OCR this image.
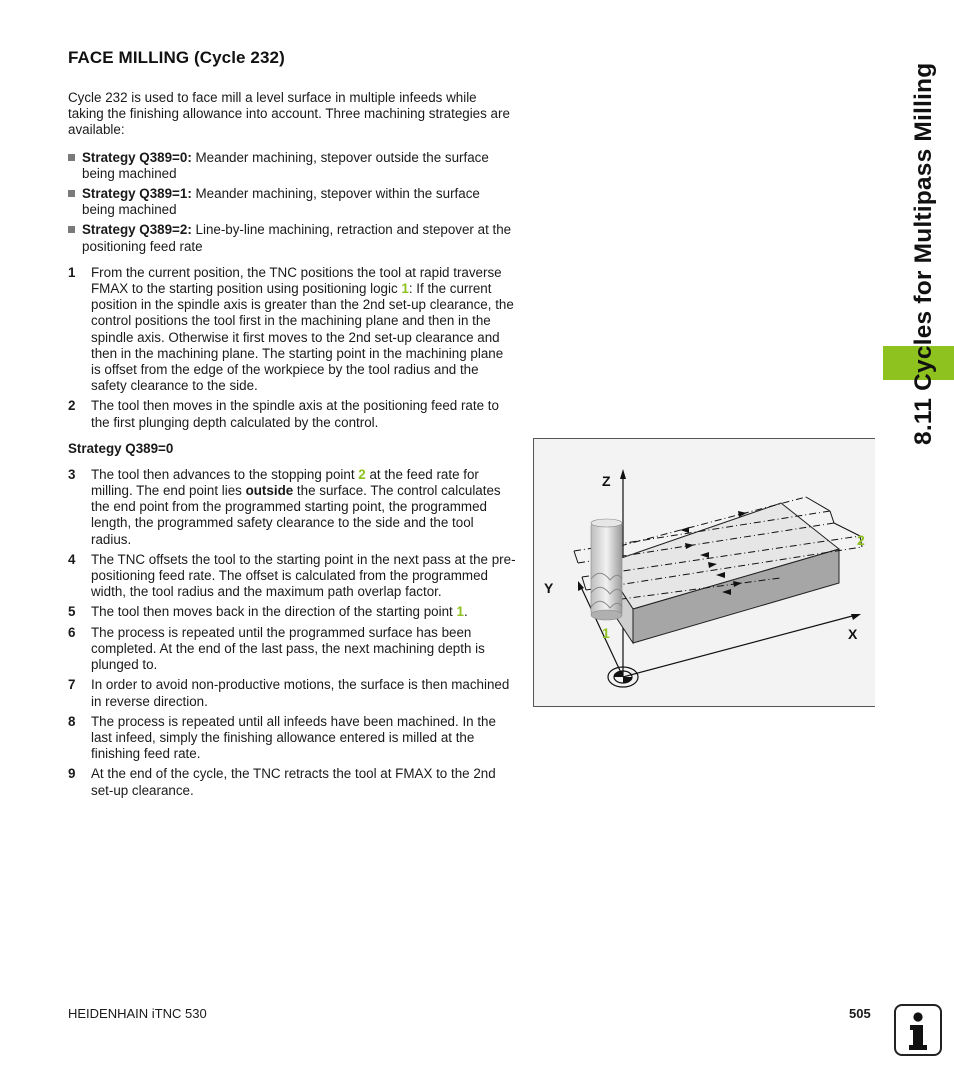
8.11 Cycles for Multipass Milling
FACE MILLING (Cycle 232)

Cycle 232 is used to face mill a level surface in multiple infeeds while taking the finishing allowance into account. Three machining strategies are available:

Strategy Q389=0: Meander machining, stepover outside the surface being machined
Strategy Q389=1: Meander machining, stepover within the surface being machined
Strategy Q389=2: Line-by-line machining, retraction and stepover at the positioning feed rate
1 From the current position, the TNC positions the tool at rapid traverse FMAX to the starting position using positioning logic 1: If the current position in the spindle axis is greater than the 2nd set-up clearance, the control positions the tool first in the machining plane and then in the spindle axis. Otherwise it first moves to the 2nd set-up clearance and then in the machining plane. The starting point in the machining plane is offset from the edge of the workpiece by the tool radius and the safety clearance to the side.
2 The tool then moves in the spindle axis at the positioning feed rate to the first plunging depth calculated by the control.

Strategy Q389=0

3 The tool then advances to the stopping point 2 at the feed rate for milling. The end point lies outside the surface. The control calculates the end point from the programmed starting point, the programmed length, the programmed safety clearance to the side and the tool radius.
4 The TNC offsets the tool to the starting point in the next pass at the pre-positioning feed rate. The offset is calculated from the programmed width, the tool radius and the maximum path overlap factor.
5 The tool then moves back in the direction of the starting point 1.
6 The process is repeated until the programmed surface has been completed. At the end of the last pass, the next machining depth is plunged to.
7 In order to avoid non-productive motions, the surface is then machined in reverse direction.
8 The process is repeated until all infeeds have been machined. In the last infeed, simply the finishing allowance entered is milled at the finishing feed rate.
9 At the end of the cycle, the TNC retracts the tool at FMAX to the 2nd set-up clearance.
Z
Y
X
1
2
HEIDENHAIN iTNC 530	505
